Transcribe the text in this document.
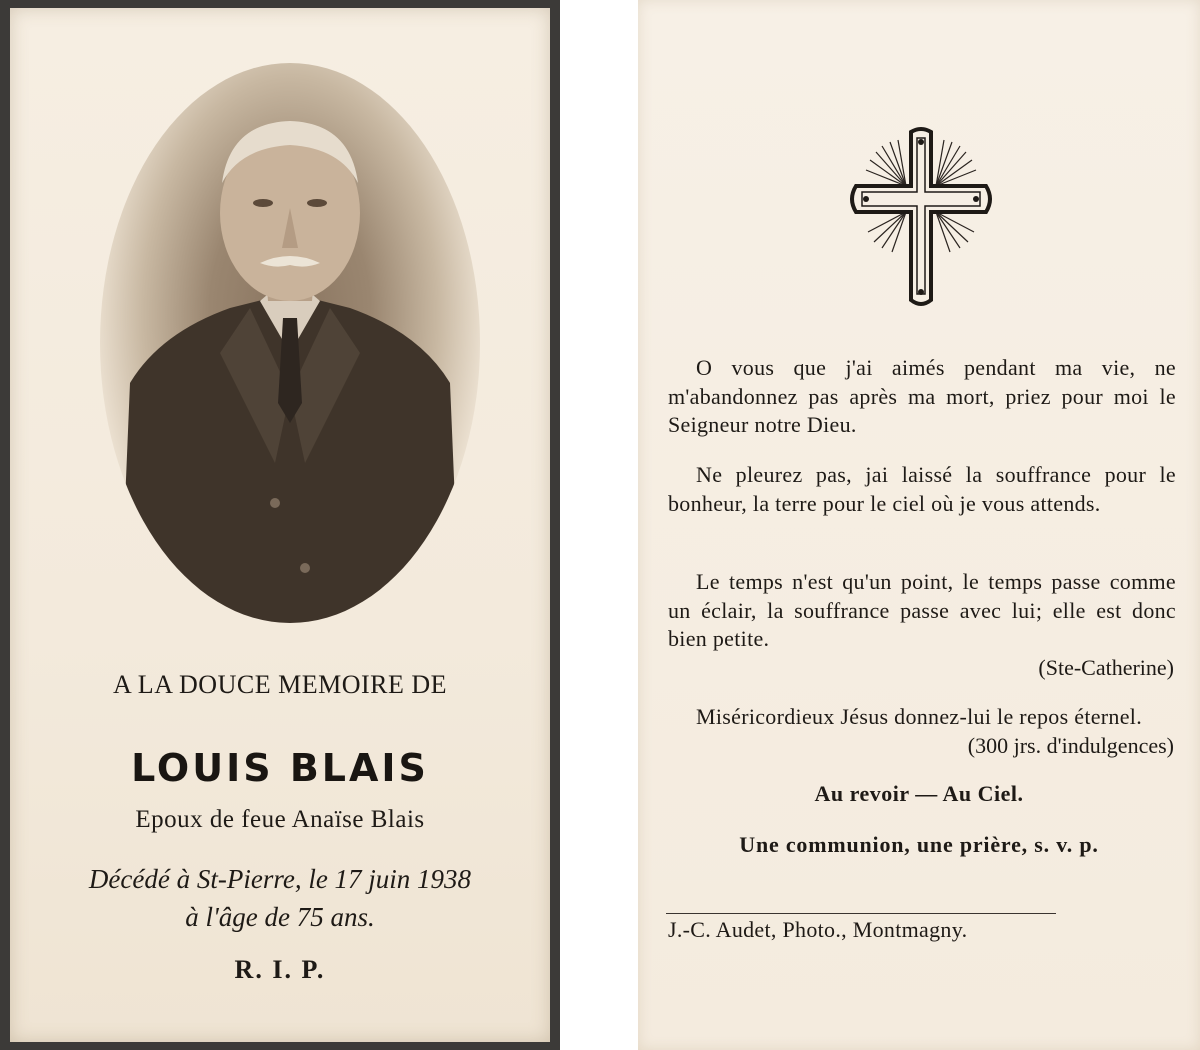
A LA DOUCE MEMOIRE DE
LOUIS BLAIS
Epoux de feue Anaïse Blais
Décédé à St-Pierre, le 17 juin 1938
à l'âge de 75 ans.
R. I. P.

O vous que j'ai aimés pendant ma vie, ne m'abandonnez pas après ma mort, priez pour moi le Seigneur notre Dieu.

Ne pleurez pas, jai laissé la souffrance pour le bonheur, la terre pour le ciel où je vous attends.

Le temps n'est qu'un point, le temps passe comme un éclair, la souffrance passe avec lui; elle est donc bien petite.

(Ste-Catherine)

Miséricordieux Jésus donnez-lui le repos éternel.

(300 jrs. d'indulgences)
Au revoir — Au Ciel.
Une communion, une prière, s. v. p.
J.-C. Audet, Photo., Montmagny.
